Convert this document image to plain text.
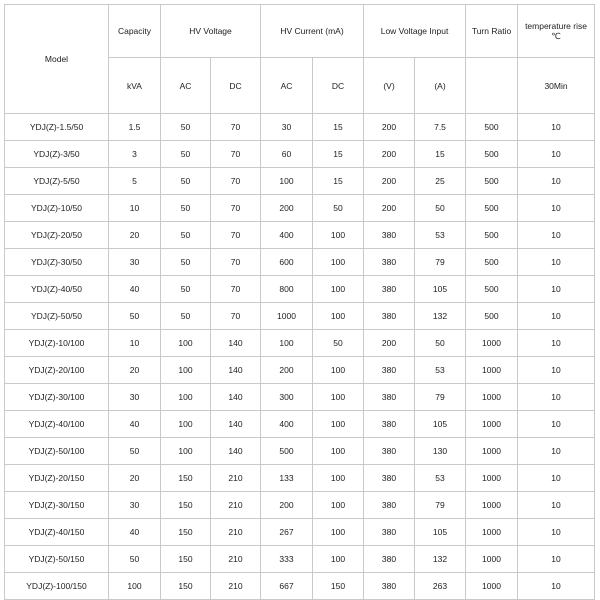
Model	Capacity	HV Voltage		HV Current (mA)		Low Voltage Input		Turn Ratio	temperature rise
℃

	kVA	AC	DC	AC	DC	(V)	(A)		30Min
YDJ(Z)-1.5/50	1.5	50	70	30	15	200	7.5	500	10
YDJ(Z)-3/50	3	50	70	60	15	200	15	500	10
YDJ(Z)-5/50	5	50	70	100	15	200	25	500	10
YDJ(Z)-10/50	10	50	70	200	50	200	50	500	10
YDJ(Z)-20/50	20	50	70	400	100	380	53	500	10
YDJ(Z)-30/50	30	50	70	600	100	380	79	500	10
YDJ(Z)-40/50	40	50	70	800	100	380	105	500	10
YDJ(Z)-50/50	50	50	70	1000	100	380	132	500	10
YDJ(Z)-10/100	10	100	140	100	50	200	50	1000	10
YDJ(Z)-20/100	20	100	140	200	100	380	53	1000	10
YDJ(Z)-30/100	30	100	140	300	100	380	79	1000	10
YDJ(Z)-40/100	40	100	140	400	100	380	105	1000	10
YDJ(Z)-50/100	50	100	140	500	100	380	130	1000	10
YDJ(Z)-20/150	20	150	210	133	100	380	53	1000	10
YDJ(Z)-30/150	30	150	210	200	100	380	79	1000	10
YDJ(Z)-40/150	40	150	210	267	100	380	105	1000	10
YDJ(Z)-50/150	50	150	210	333	100	380	132	1000	10
YDJ(Z)-100/150	100	150	210	667	150	380	263	1000	10
